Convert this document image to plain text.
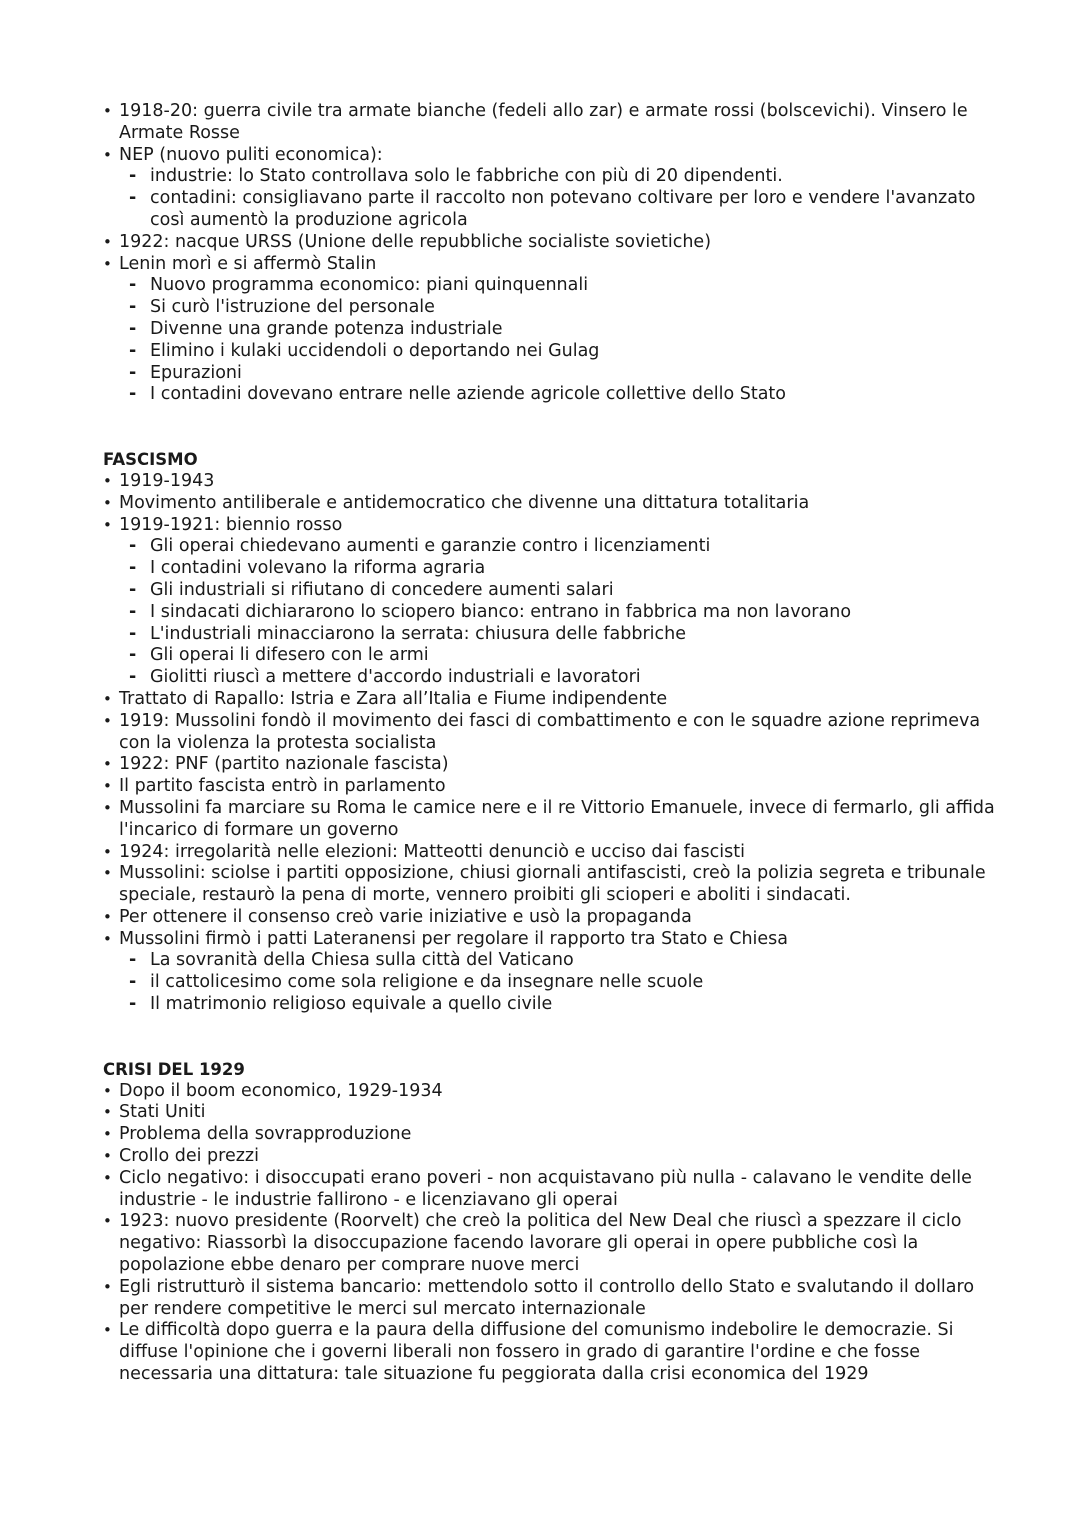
• 1918-20: guerra civile tra armate bianche (fedeli allo zar) e armate rossi (bolscevichi). Vinsero le Armate Rosse
• NEP (nuovo puliti economica):
- industrie: lo Stato controllava solo le fabbriche con più di 20 dipendenti.
- contadini: consigliavano parte il raccolto non potevano coltivare per loro e vendere l'avanzato così aumentò la produzione agricola
• 1922: nacque URSS (Unione delle repubbliche socialiste sovietiche)
• Lenin morì e si affermò Stalin
- Nuovo programma economico: piani quinquennali
- Si curò l'istruzione del personale
- Divenne una grande potenza industriale
- Elimino i kulaki uccidendoli o deportando nei Gulag
- Epurazioni
- I contadini dovevano entrare nelle aziende agricole collettive dello Stato
FASCISMO
• 1919-1943
• Movimento antiliberale e antidemocratico che divenne una dittatura totalitaria
• 1919-1921: biennio rosso
- Gli operai chiedevano aumenti e garanzie contro i licenziamenti
- I contadini volevano la riforma agraria
- Gli industriali si rifiutano di concedere aumenti salari
- I sindacati dichiararono lo sciopero bianco: entrano in fabbrica ma non lavorano
- L'industriali minacciarono la serrata: chiusura delle fabbriche
- Gli operai li difesero con le armi
- Giolitti riuscì a mettere d'accordo industriali e lavoratori
• Trattato di Rapallo: Istria e Zara all’Italia e Fiume indipendente
• 1919: Mussolini fondò il movimento dei fasci di combattimento e con le squadre azione reprimeva con la violenza la protesta socialista
• 1922: PNF (partito nazionale fascista)
• Il partito fascista entrò in parlamento
• Mussolini fa marciare su Roma le camice nere e il re Vittorio Emanuele, invece di fermarlo, gli affida l'incarico di formare un governo
• 1924: irregolarità nelle elezioni: Matteotti denunciò e ucciso dai fascisti
• Mussolini: sciolse i partiti opposizione, chiusi giornali antifascisti, creò la polizia segreta e tribunale speciale, restaurò la pena di morte, vennero proibiti gli scioperi e aboliti i sindacati.
• Per ottenere il consenso creò varie iniziative e usò la propaganda
• Mussolini firmò i patti Lateranensi per regolare il rapporto tra Stato e Chiesa
- La sovranità della Chiesa sulla città del Vaticano
- il cattolicesimo come sola religione e da insegnare nelle scuole
- Il matrimonio religioso equivale a quello civile
CRISI DEL 1929
• Dopo il boom economico, 1929-1934
• Stati Uniti
• Problema della sovrapproduzione
• Crollo dei prezzi
• Ciclo negativo: i disoccupati erano poveri - non acquistavano più nulla - calavano le vendite delle industrie - le industrie fallirono - e licenziavano gli operai
• 1923: nuovo presidente (Roorvelt) che creò la politica del New Deal che riuscì a spezzare il ciclo negativo: Riassorbì la disoccupazione facendo lavorare gli operai in opere pubbliche così la popolazione ebbe denaro per comprare nuove merci
• Egli ristrutturò il sistema bancario: mettendolo sotto il controllo dello Stato e svalutando il dollaro per rendere competitive le merci sul mercato internazionale
• Le difficoltà dopo guerra e la paura della diffusione del comunismo indebolire le democrazie. Si diffuse l'opinione che i governi liberali non fossero in grado di garantire l'ordine e che fosse necessaria una dittatura: tale situazione fu peggiorata dalla crisi economica del 1929
